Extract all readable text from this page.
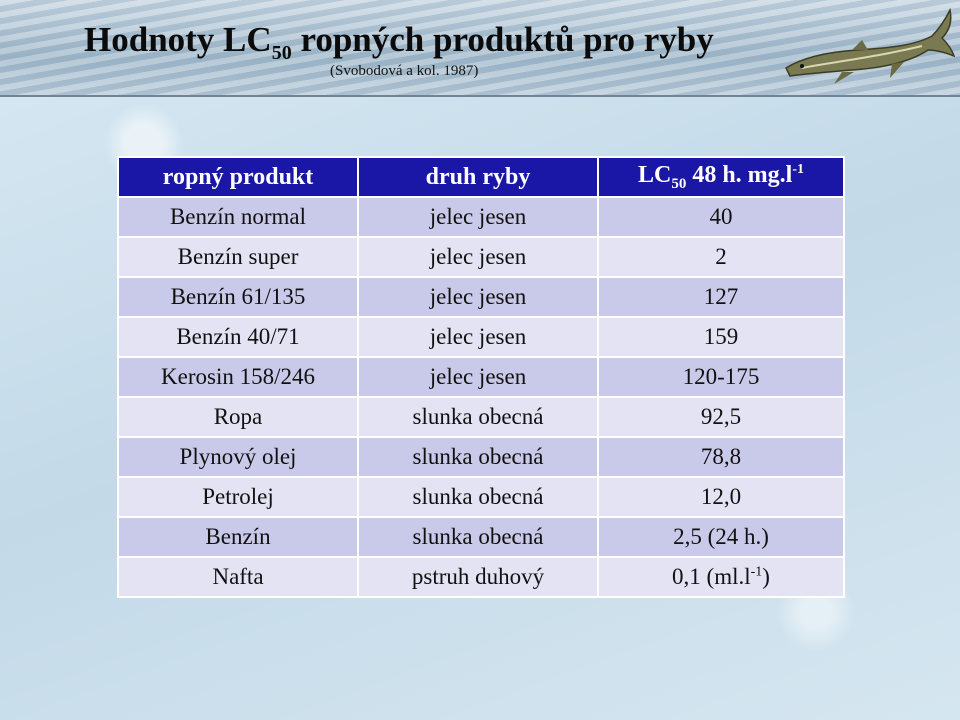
Hodnoty $LC_{50}$ ropných produktů pro ryby
(Svobodová a kol. 1987)
ropný produkt	druh ryby	$LC_{50}$ 48 h. $mg.l^{-1}$
Benzín normal	jelec jesen	40
Benzín super	jelec jesen	2
Benzín 61/135	jelec jesen	127
Benzín 40/71	jelec jesen	159
Kerosin 158/246	jelec jesen	120-175
Ropa	slunka obecná	92,5
Plynový olej	slunka obecná	78,8
Petrolej	slunka obecná	12,0
Benzín	slunka obecná	2,5 (24 h.)
Nafta	pstruh duhový	0,1 $(ml.l^{-1})$
